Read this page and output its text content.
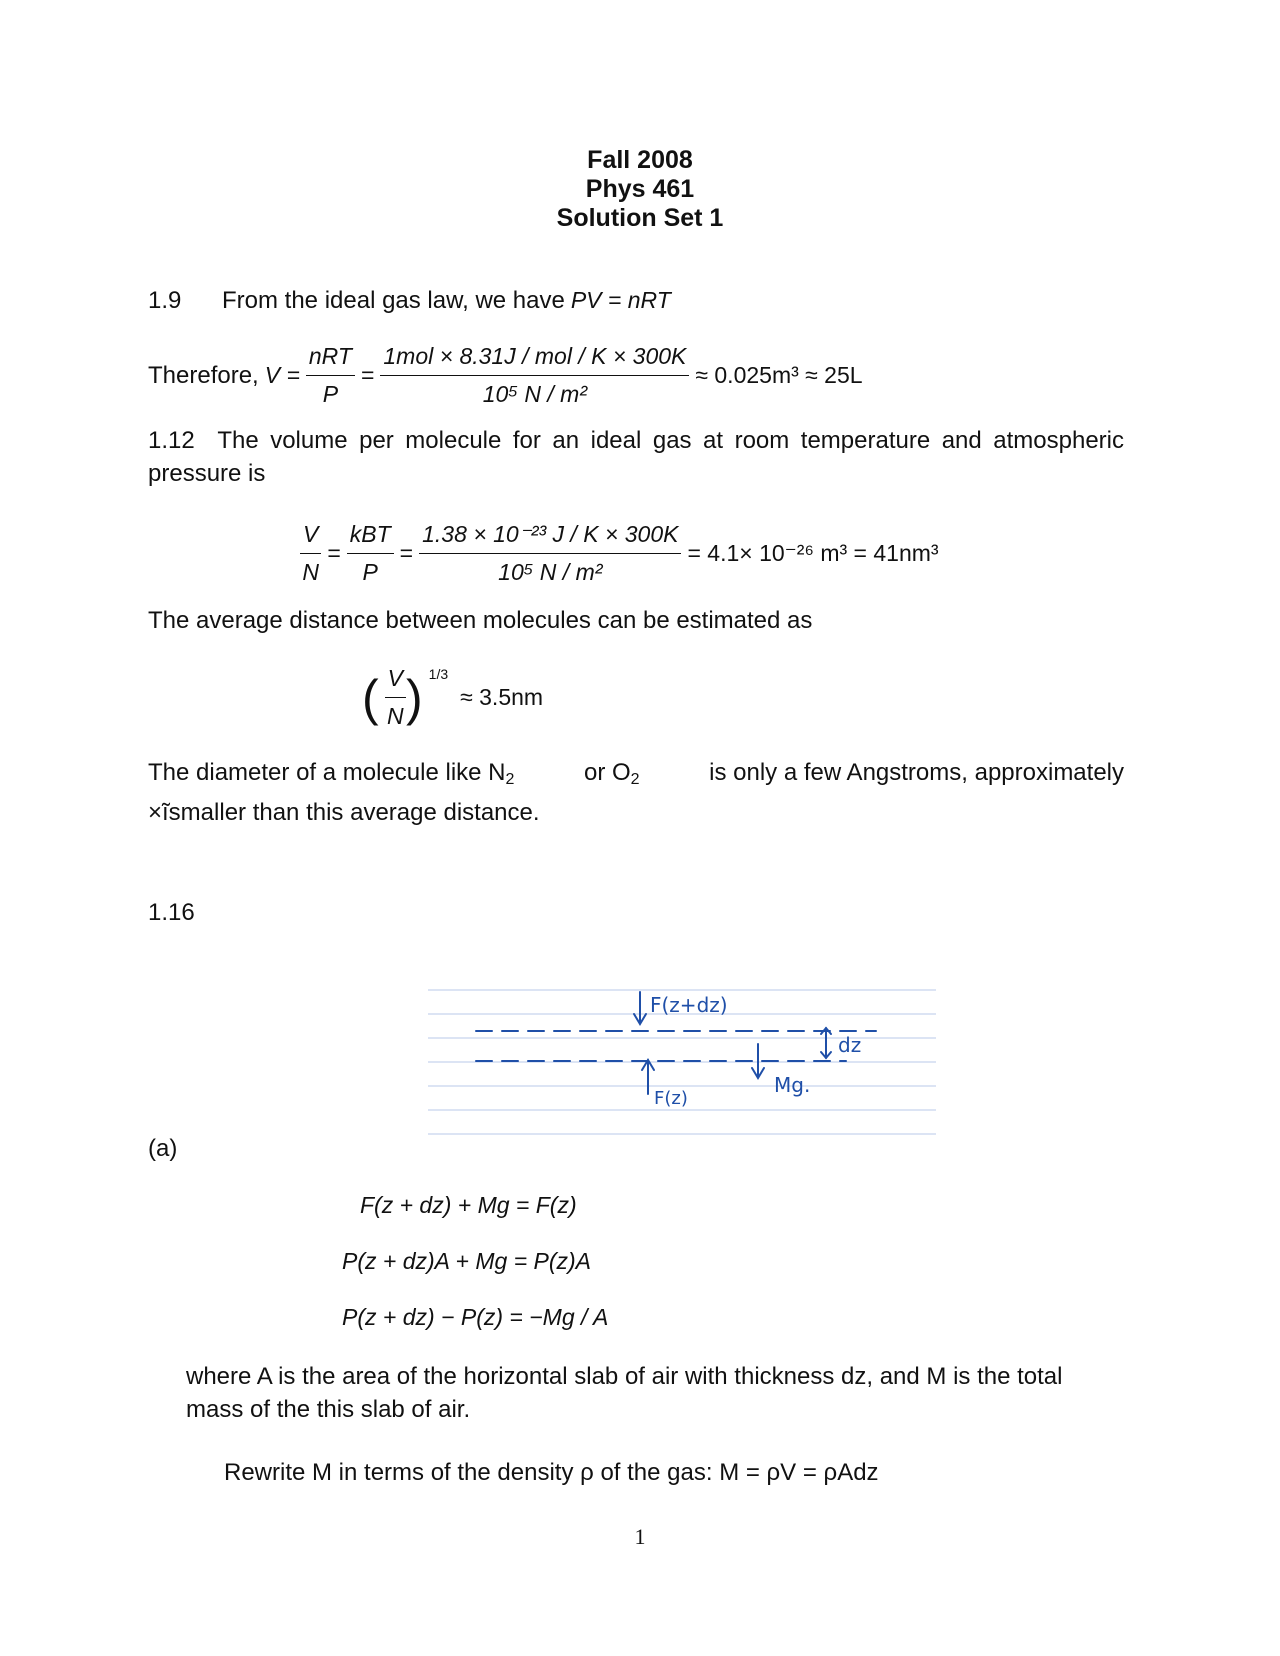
Fall 2008
Phys 461
Solution Set 1
1.9 From the ideal gas law, we have PV = nRT
Therefore, $V = \frac{\text{nRT}}{P} = \frac{\text{1mol × 8.31J / mol / K × 300K}}{\text{10⁵ N / m²}} \approx 0.025m^3 \approx 25L$
1.12 The volume per molecule for an ideal gas at room temperature and atmospheric pressure is
$\frac{V}{N} = \frac{\text{kBT}}{P} = \frac{\text{1.38 × 10⁻²³ J / K × 300K}}{\text{10⁵ N / m²}} = 4.1\times 10^{-26}$ m³ = 41nm³
The average distance between molecules can be estimated as
( $\frac{V}{N}$ ) 1/3
≈ 3.5nm
The diameter of a molecule like $N_2$	or $O_2$	is only a few Angstroms, approximately
×̃ısmaller than this average distance.
1.16
F(z+dz)
F(z)
Mg.
dz
(a)
F(z + dz) + Mg = F(z)
P(z + dz)A + Mg = P(z)A
P(z + dz) − P(z) = −Mg / A
where A is the area of the horizontal slab of air with thickness dz, and M is the total mass of the this slab of air.
Rewrite M in terms of the density ρ of the gas: M = ρV = ρAdz
1
